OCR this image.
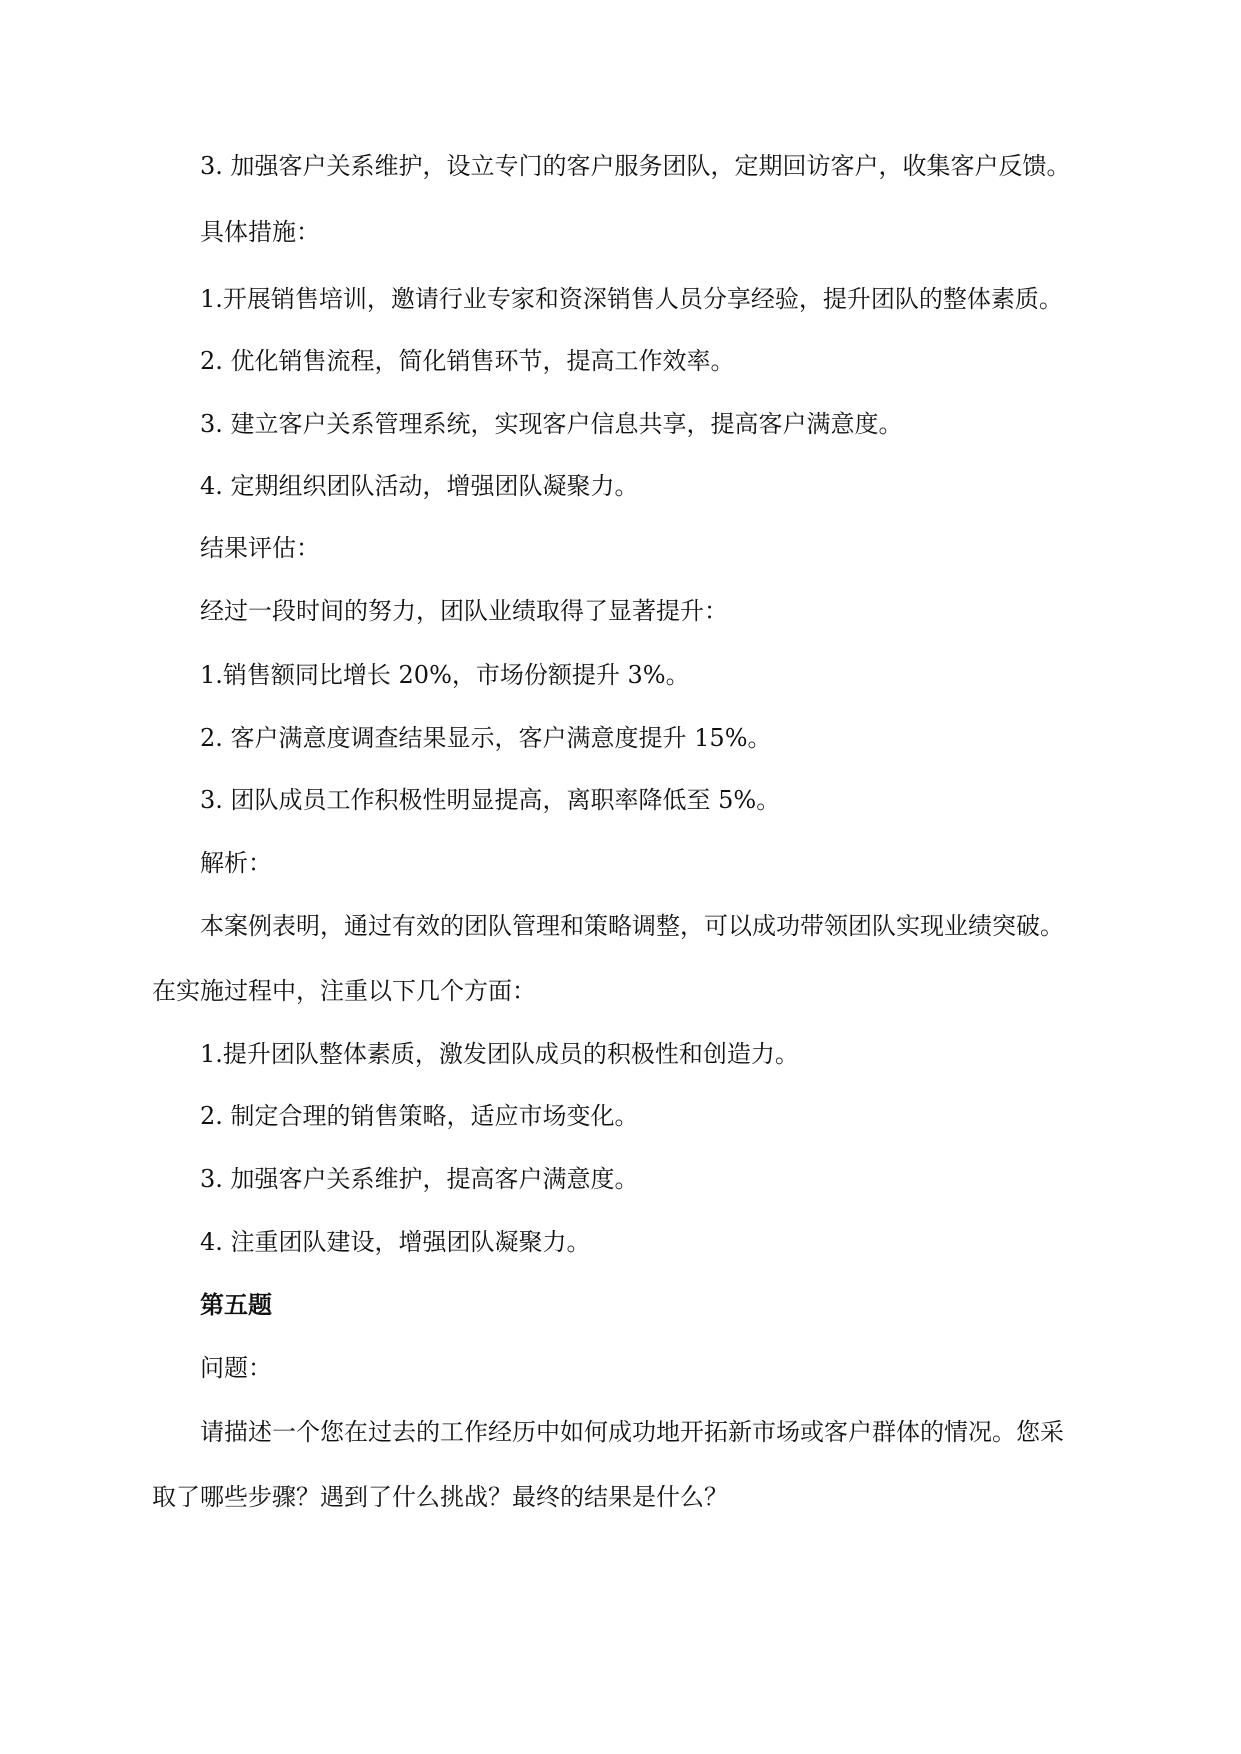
3. 加强客户关系维护，设立专门的客户服务团队，定期回访客户，收集客户反馈。

具体措施：

1.开展销售培训，邀请行业专家和资深销售人员分享经验，提升团队的整体素质。

2. 优化销售流程，简化销售环节，提高工作效率。

3. 建立客户关系管理系统，实现客户信息共享，提高客户满意度。

4. 定期组织团队活动，增强团队凝聚力。

结果评估：

经过一段时间的努力，团队业绩取得了显著提升：

1.销售额同比增长 20%，市场份额提升 3%。

2. 客户满意度调查结果显示，客户满意度提升 15%。

3. 团队成员工作积极性明显提高，离职率降低至 5%。

解析：

本案例表明，通过有效的团队管理和策略调整，可以成功带领团队实现业绩突破。

在实施过程中，注重以下几个方面：

1.提升团队整体素质，激发团队成员的积极性和创造力。

2. 制定合理的销售策略，适应市场变化。

3. 加强客户关系维护，提高客户满意度。

4. 注重团队建设，增强团队凝聚力。

第五题

问题：

请描述一个您在过去的工作经历中如何成功地开拓新市场或客户群体的情况。您采

取了哪些步骤？遇到了什么挑战？最终的结果是什么？
